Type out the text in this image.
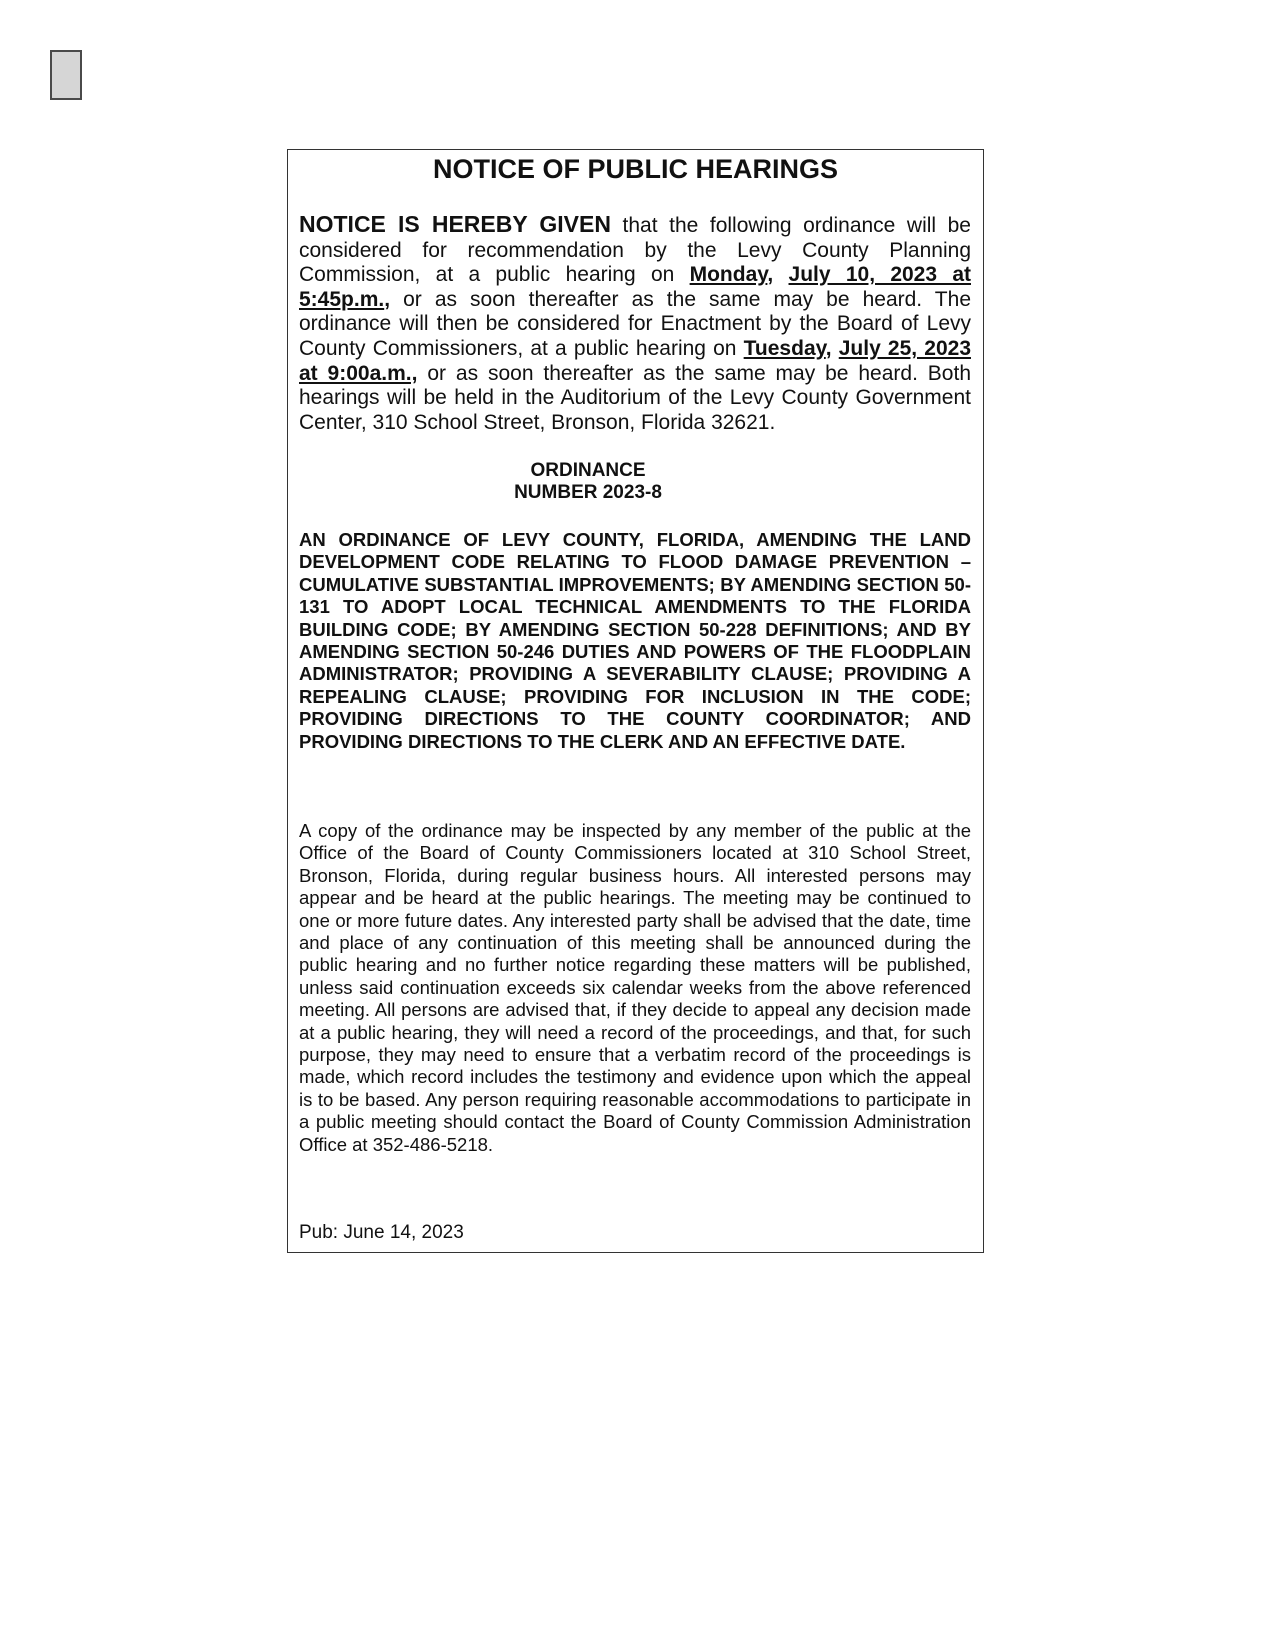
NOTICE OF PUBLIC HEARINGS

NOTICE IS HEREBY GIVEN that the following ordinance will be considered for recommendation by the Levy County Planning Commission, at a public hearing on Monday, July 10, 2023 at 5:45p.m., or as soon thereafter as the same may be heard. The ordinance will then be considered for Enactment by the Board of Levy County Commissioners, at a public hearing on Tuesday, July 25, 2023 at 9:00a.m., or as soon thereafter as the same may be heard. Both hearings will be held in the Auditorium of the Levy County Government Center, 310 School Street, Bronson, Florida 32621.

ORDINANCE
NUMBER 2023-8

AN ORDINANCE OF LEVY COUNTY, FLORIDA, AMENDING THE LAND DEVELOPMENT CODE RELATING TO FLOOD DAMAGE PREVENTION – CUMULATIVE SUBSTANTIAL IMPROVEMENTS; BY AMENDING SECTION 50-131 TO ADOPT LOCAL TECHNICAL AMENDMENTS TO THE FLORIDA BUILDING CODE; BY AMENDING SECTION 50-228 DEFINITIONS; AND BY AMENDING SECTION 50-246 DUTIES AND POWERS OF THE FLOODPLAIN ADMINISTRATOR; PROVIDING A SEVERABILITY CLAUSE; PROVIDING A REPEALING CLAUSE; PROVIDING FOR INCLUSION IN THE CODE; PROVIDING DIRECTIONS TO THE COUNTY COORDINATOR; AND PROVIDING DIRECTIONS TO THE CLERK AND AN EFFECTIVE DATE.

A copy of the ordinance may be inspected by any member of the public at the Office of the Board of County Commissioners located at 310 School Street, Bronson, Florida, during regular business hours. All interested persons may appear and be heard at the public hearings. The meeting may be continued to one or more future dates. Any interested party shall be advised that the date, time and place of any continuation of this meeting shall be announced during the public hearing and no further notice regarding these matters will be published, unless said continuation exceeds six calendar weeks from the above referenced meeting. All persons are advised that, if they decide to appeal any decision made at a public hearing, they will need a record of the proceedings, and that, for such purpose, they may need to ensure that a verbatim record of the proceedings is made, which record includes the testimony and evidence upon which the appeal is to be based. Any person requiring reasonable accommodations to participate in a public meeting should contact the Board of County Commission Administration Office at 352-486-5218.

Pub: June 14, 2023
